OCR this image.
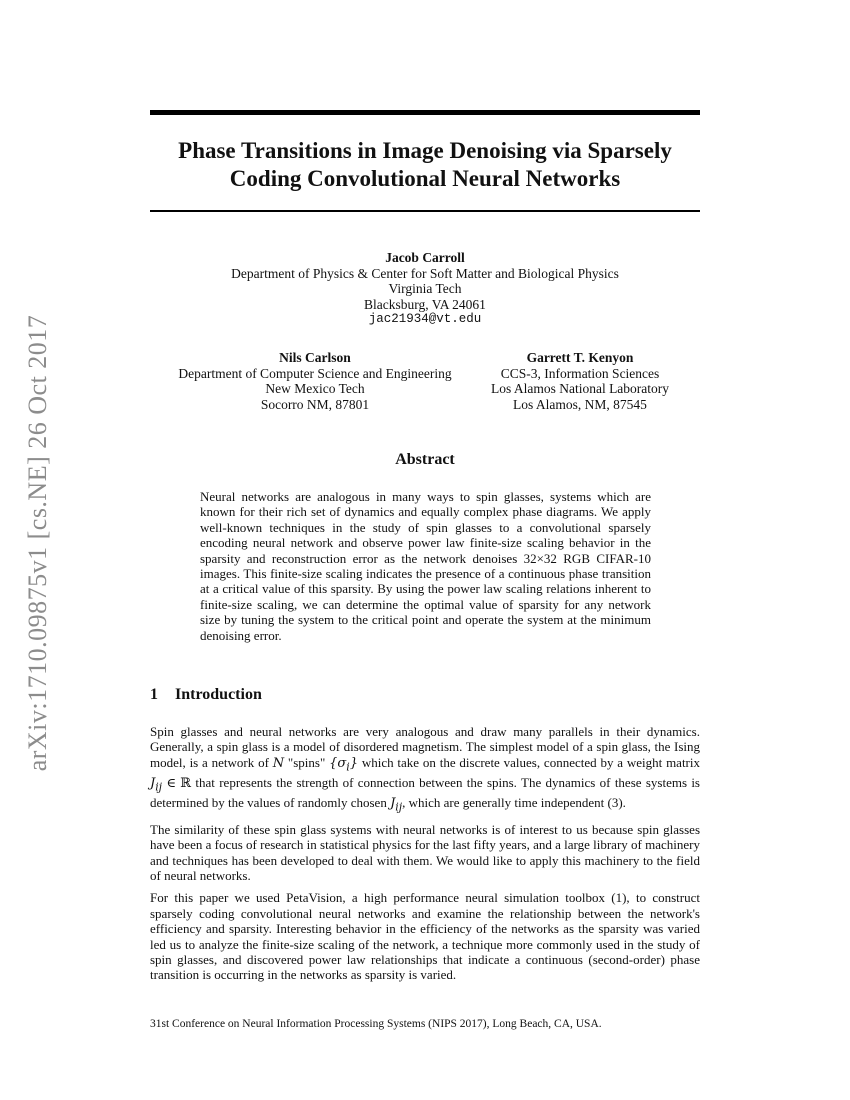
arXiv:1710.09875v1 [cs.NE] 26 Oct 2017
Phase Transitions in Image Denoising via Sparsely
Coding Convolutional Neural Networks
Jacob Carroll
Department of Physics & Center for Soft Matter and Biological Physics
Virginia Tech
Blacksburg, VA 24061
jac21934@vt.edu
Nils Carlson
Department of Computer Science and Engineering
New Mexico Tech
Socorro NM, 87801
Garrett T. Kenyon
CCS-3, Information Sciences
Los Alamos National Laboratory
Los Alamos, NM, 87545
Abstract

Neural networks are analogous in many ways to spin glasses, systems which are known for their rich set of dynamics and equally complex phase diagrams. We apply well-known techniques in the study of spin glasses to a convolutional sparsely encoding neural network and observe power law finite-size scaling behavior in the sparsity and reconstruction error as the network denoises 32×32 RGB CIFAR-10 images. This finite-size scaling indicates the presence of a continuous phase transition at a critical value of this sparsity. By using the power law scaling relations inherent to finite-size scaling, we can determine the optimal value of sparsity for any network size by tuning the system to the critical point and operate the system at the minimum denoising error.

1 Introduction

Spin glasses and neural networks are very analogous and draw many parallels in their dynamics. Generally, a spin glass is a model of disordered magnetism. The simplest model of a spin glass, the Ising model, is a network of N "spins" $\{\sigma_i\}$ which take on the discrete values, connected by a weight matrix $J_{ij}$ ∈ ℝ that represents the strength of connection between the spins. The dynamics of these systems is determined by the values of randomly chosen $J_{ij}$, which are generally time independent (3).

The similarity of these spin glass systems with neural networks is of interest to us because spin glasses have been a focus of research in statistical physics for the last fifty years, and a large library of machinery and techniques has been developed to deal with them. We would like to apply this machinery to the field of neural networks.

For this paper we used PetaVision, a high performance neural simulation toolbox (1), to construct sparsely coding convolutional neural networks and examine the relationship between the network's efficiency and sparsity. Interesting behavior in the efficiency of the networks as the sparsity was varied led us to analyze the finite-size scaling of the network, a technique more commonly used in the study of spin glasses, and discovered power law relationships that indicate a continuous (second-order) phase transition is occurring in the networks as sparsity is varied.

31st Conference on Neural Information Processing Systems (NIPS 2017), Long Beach, CA, USA.
